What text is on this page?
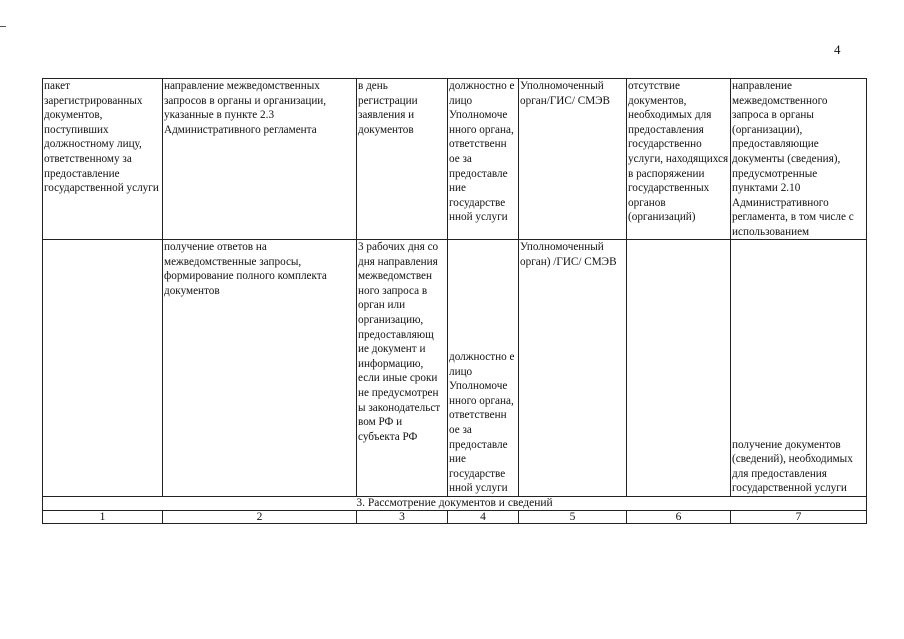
4
пакет зарегистрированных документов, поступивших должностному лицу, ответственному за предоставление государственной услуги	направление межведомственных запросов в органы и организации, указанные в пункте 2.3 Административного регламента	в день регистрации заявления и документов	должностно е лицо Уполномоче нного органа, ответственн ое за предоставле ние государстве нной услуги	Уполномоченный орган/ГИС/ СМЭВ	отсутствие документов, необходимых для предоставления государственно услуги, находящихся в распоряжении государственных органов (организаций)	направление межведомственного запроса в органы (организации), предоставляющие документы (сведения), предусмотренные пунктами 2.10 Административного регламента, в том числе с использованием

	получение ответов на межведомственные запросы, формирование полного комплекта документов	3 рабочих дня со дня направления межведомствен ного запроса в орган или организацию, предоставляющ ие документ и информацию, если иные сроки не предусмотрен ы законодательст вом РФ и субъекта РФ	должностно е лицо Уполномоче нного органа, ответственн ое за предоставле ние государстве нной услуги	Уполномоченный орган) /ГИС/ СМЭВ		получение документов (сведений), необходимых для предоставления государственной услуги

3. Рассмотрение документов и сведений						
1	2	3	4	5	6	7
